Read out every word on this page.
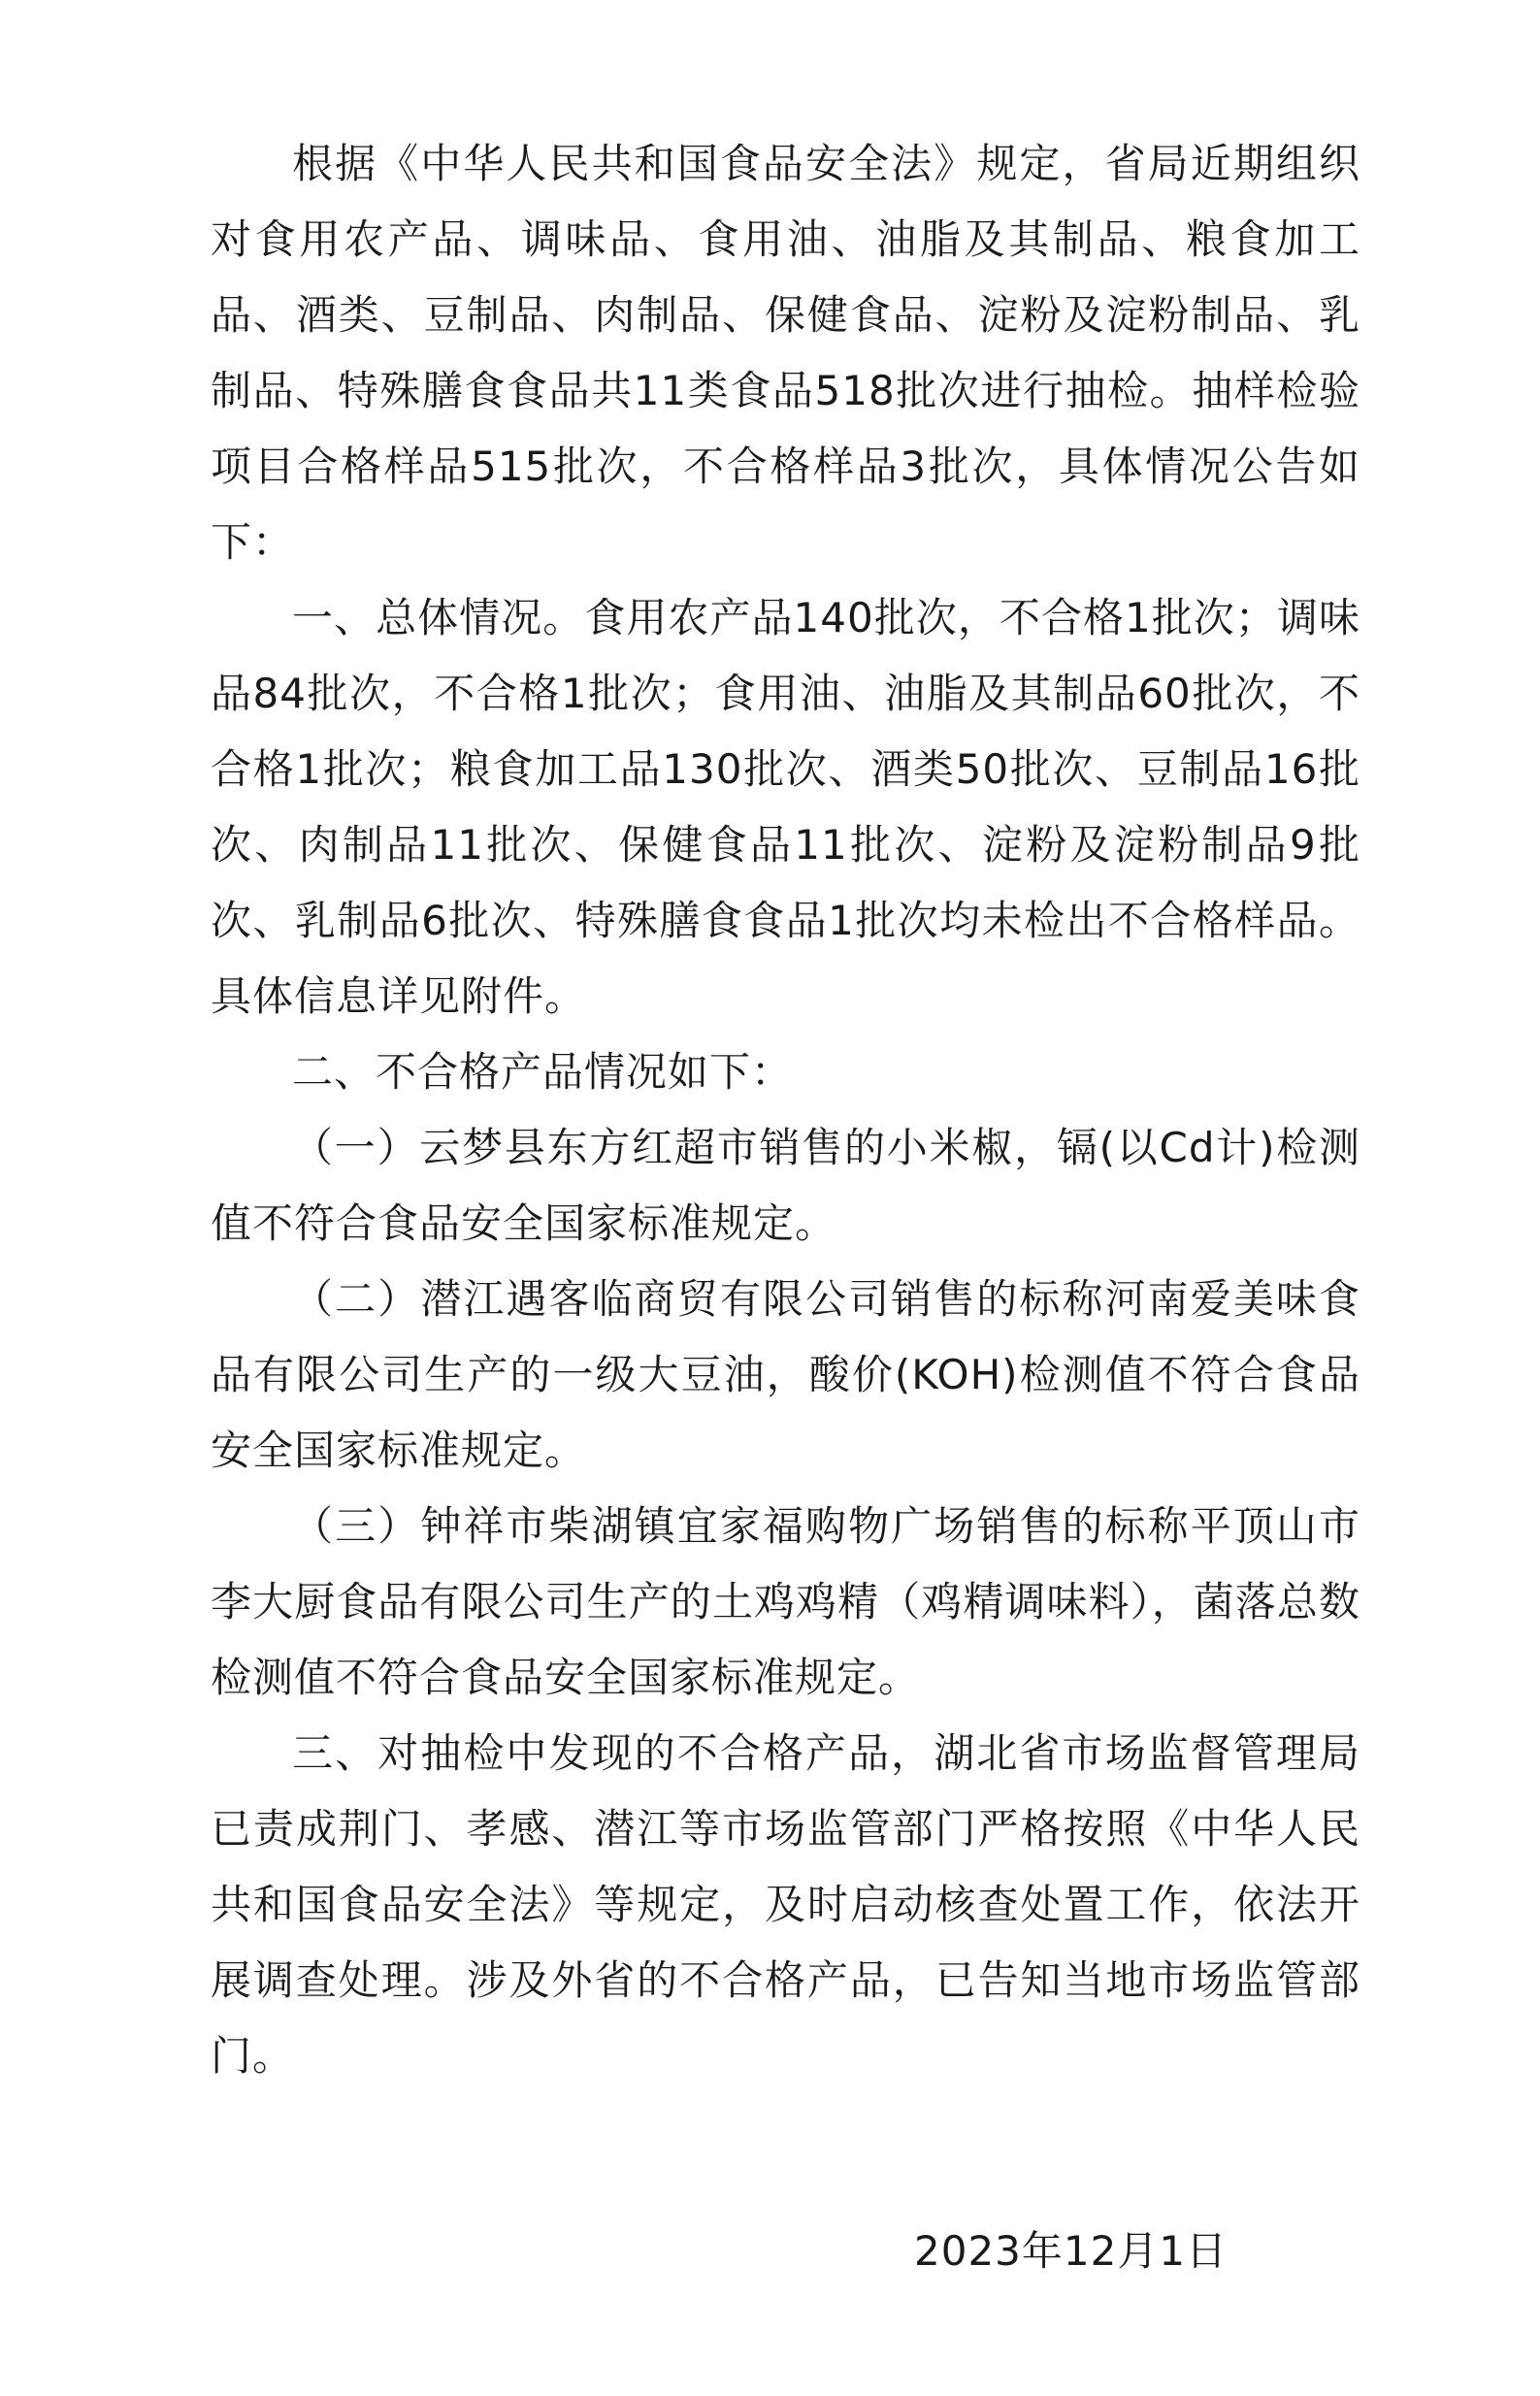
根据《中华人民共和国食品安全法》规定，省局近期组织对食用农产品、调味品、食用油、油脂及其制品、粮食加工品、酒类、豆制品、肉制品、保健食品、淀粉及淀粉制品、乳制品、特殊膳食食品共11类食品518批次进行抽检。抽样检验项目合格样品515批次，不合格样品3批次，具体情况公告如下：

一、总体情况。食用农产品140批次，不合格1批次；调味品84批次，不合格1批次；食用油、油脂及其制品60批次，不合格1批次；粮食加工品130批次、酒类50批次、豆制品16批次、肉制品11批次、保健食品11批次、淀粉及淀粉制品9批次、乳制品6批次、特殊膳食食品1批次均未检出不合格样品。具体信息详见附件。

二、不合格产品情况如下：

（一）云梦县东方红超市销售的小米椒，镉(以Cd计)检测值不符合食品安全国家标准规定。

（二）潜江遇客临商贸有限公司销售的标称河南爱美味食品有限公司生产的一级大豆油，酸价(KOH)检测值不符合食品安全国家标准规定。

（三）钟祥市柴湖镇宜家福购物广场销售的标称平顶山市李大厨食品有限公司生产的土鸡鸡精（鸡精调味料），菌落总数检测值不符合食品安全国家标准规定。

三、对抽检中发现的不合格产品，湖北省市场监督管理局已责成荆门、孝感、潜江等市场监管部门严格按照《中华人民共和国食品安全法》等规定，及时启动核查处置工作，依法开展调查处理。涉及外省的不合格产品，已告知当地市场监管部门。

2023年12月1日
